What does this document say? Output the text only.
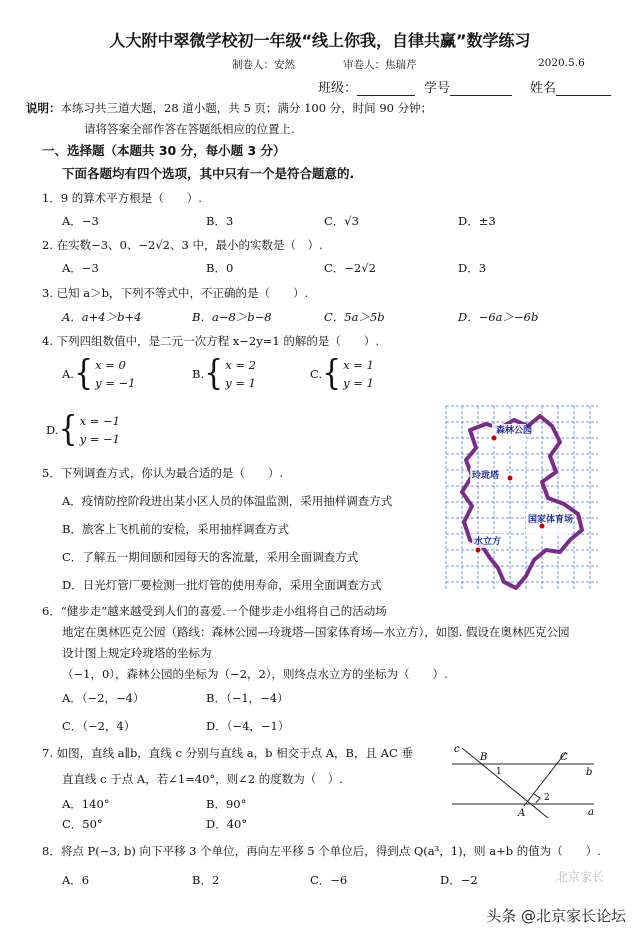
人大附中翠微学校初一年级“线上你我，自律共赢”数学练习
制卷人：安然	审卷人：焦瑞芹	2020.5.6
班级：	学号	姓名
说明：本练习共三道大题，28 道小题，共 5 页；满分 100 分，时间 90 分钟；
请将答案全部作答在答题纸相应的位置上.
一、选择题（本题共 30 分，每小题 3 分）
下面各题均有四个选项，其中只有一个是符合题意的.
1．9 的算术平方根是（　　）.
A．−3	B．3	C．√3	D．±3
2. 在实数−3、0、−2√2、3 中，最小的实数是（　）.
A．−3	B．0	C．−2√2	D．3
3. 已知 a＞b，下列不等式中，不正确的是（　　）.
A．a+4＞b+4	B．a−8＞b−8	C．5a＞5b	D．−6a＞−6b
4. 下列四组数值中，是二元一次方程 x−2y=1 的解的是（　　）.
A. { x = 0
y = −1
B. { x = 2
y = 1
C. { x = 1
y = 1
D. { x = −1
y = −1
5．下列调查方式，你认为最合适的是（　　）.
A．疫情防控阶段进出某小区人员的体温监测，采用抽样调查方式
B．旅客上飞机前的安检，采用抽样调查方式
C．了解五一期间颐和园每天的客流量，采用全面调查方式
D．日光灯管厂要检测一批灯管的使用寿命，采用全面调查方式
森林公园
玲珑塔
国家体育场
水立方
6．“健步走”越来越受到人们的喜爱.一个健步走小组将自己的活动场
地定在奥林匹克公园（路线：森林公园—玲珑塔—国家体育场—水立方），如图. 假设在奥林匹克公园
设计图上规定玲珑塔的坐标为
（−1，0），森林公园的坐标为（−2，2），则终点水立方的坐标为（　　）.
A．（−2，−4）	B．（−1，−4）
C．（−2，4）	D．（−4，−1）
7. 如图，直线 a∥b，直线 c 分别与直线 a，b 相交于点 A，B，且 AC 垂
直直线 c 于点 A，若∠1=40°，则∠2 的度数为（　）.
A．140°	B．90°
C．50°	D．40°
c
B	C
b
A	a
1
2
8．将点 P(−3, b) 向下平移 3 个单位，再向左平移 5 个单位后，得到点 Q(a³，1)，则 a+b 的值为（　　）.
A．6	B．2	C．−6	D．−2	北京家长
头条 @北京家长论坛
